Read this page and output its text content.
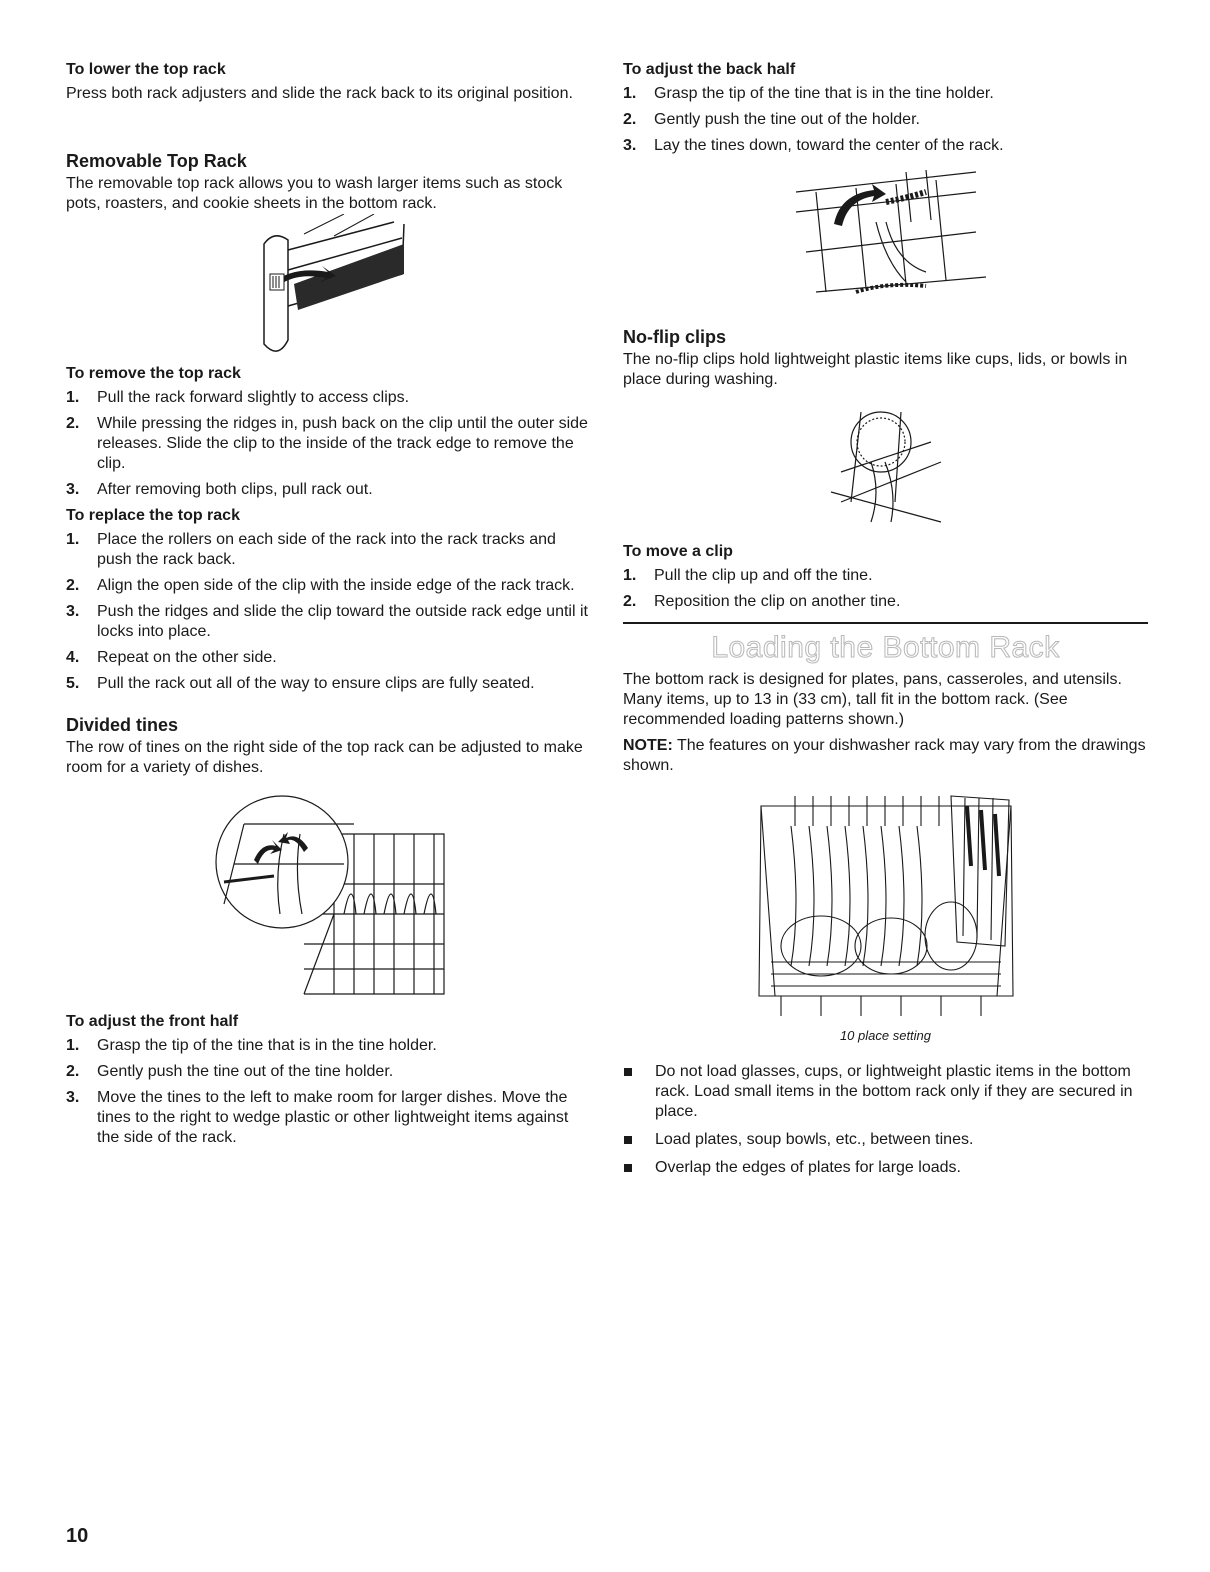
To lower the top rack

Press both rack adjusters and slide the rack back to its original position.

Removable Top Rack

The removable top rack allows you to wash larger items such as stock pots, roasters, and cookie sheets in the bottom rack.

To remove the top rack
1. Pull the rack forward slightly to access clips.
2. While pressing the ridges in, push back on the clip until the outer side releases. Slide the clip to the inside of the track edge to remove the clip.
3. After removing both clips, pull rack out.
To replace the top rack
1. Place the rollers on each side of the rack into the rack tracks and push the rack back.
2. Align the open side of the clip with the inside edge of the rack track.
3. Push the ridges and slide the clip toward the outside rack edge until it locks into place.
4. Repeat on the other side.
5. Pull the rack out all of the way to ensure clips are fully seated.
Divided tines

The row of tines on the right side of the top rack can be adjusted to make room for a variety of dishes.

To adjust the front half
1. Grasp the tip of the tine that is in the tine holder.
2. Gently push the tine out of the tine holder.
3. Move the tines to the left to make room for larger dishes. Move the tines to the right to wedge plastic or other lightweight items against the side of the rack.
To adjust the back half
1. Grasp the tip of the tine that is in the tine holder.
2. Gently push the tine out of the holder.
3. Lay the tines down, toward the center of the rack.
No-flip clips

The no-flip clips hold lightweight plastic items like cups, lids, or bowls in place during washing.

To move a clip
1. Pull the clip up and off the tine.
2. Reposition the clip on another tine.
Loading the Bottom Rack

The bottom rack is designed for plates, pans, casseroles, and utensils. Many items, up to 13 in (33 cm), tall fit in the bottom rack. (See recommended loading patterns shown.)

NOTE: The features on your dishwasher rack may vary from the drawings shown.

10 place setting
Do not load glasses, cups, or lightweight plastic items in the bottom rack. Load small items in the bottom rack only if they are secured in place.
Load plates, soup bowls, etc., between tines.
Overlap the edges of plates for large loads.
10
